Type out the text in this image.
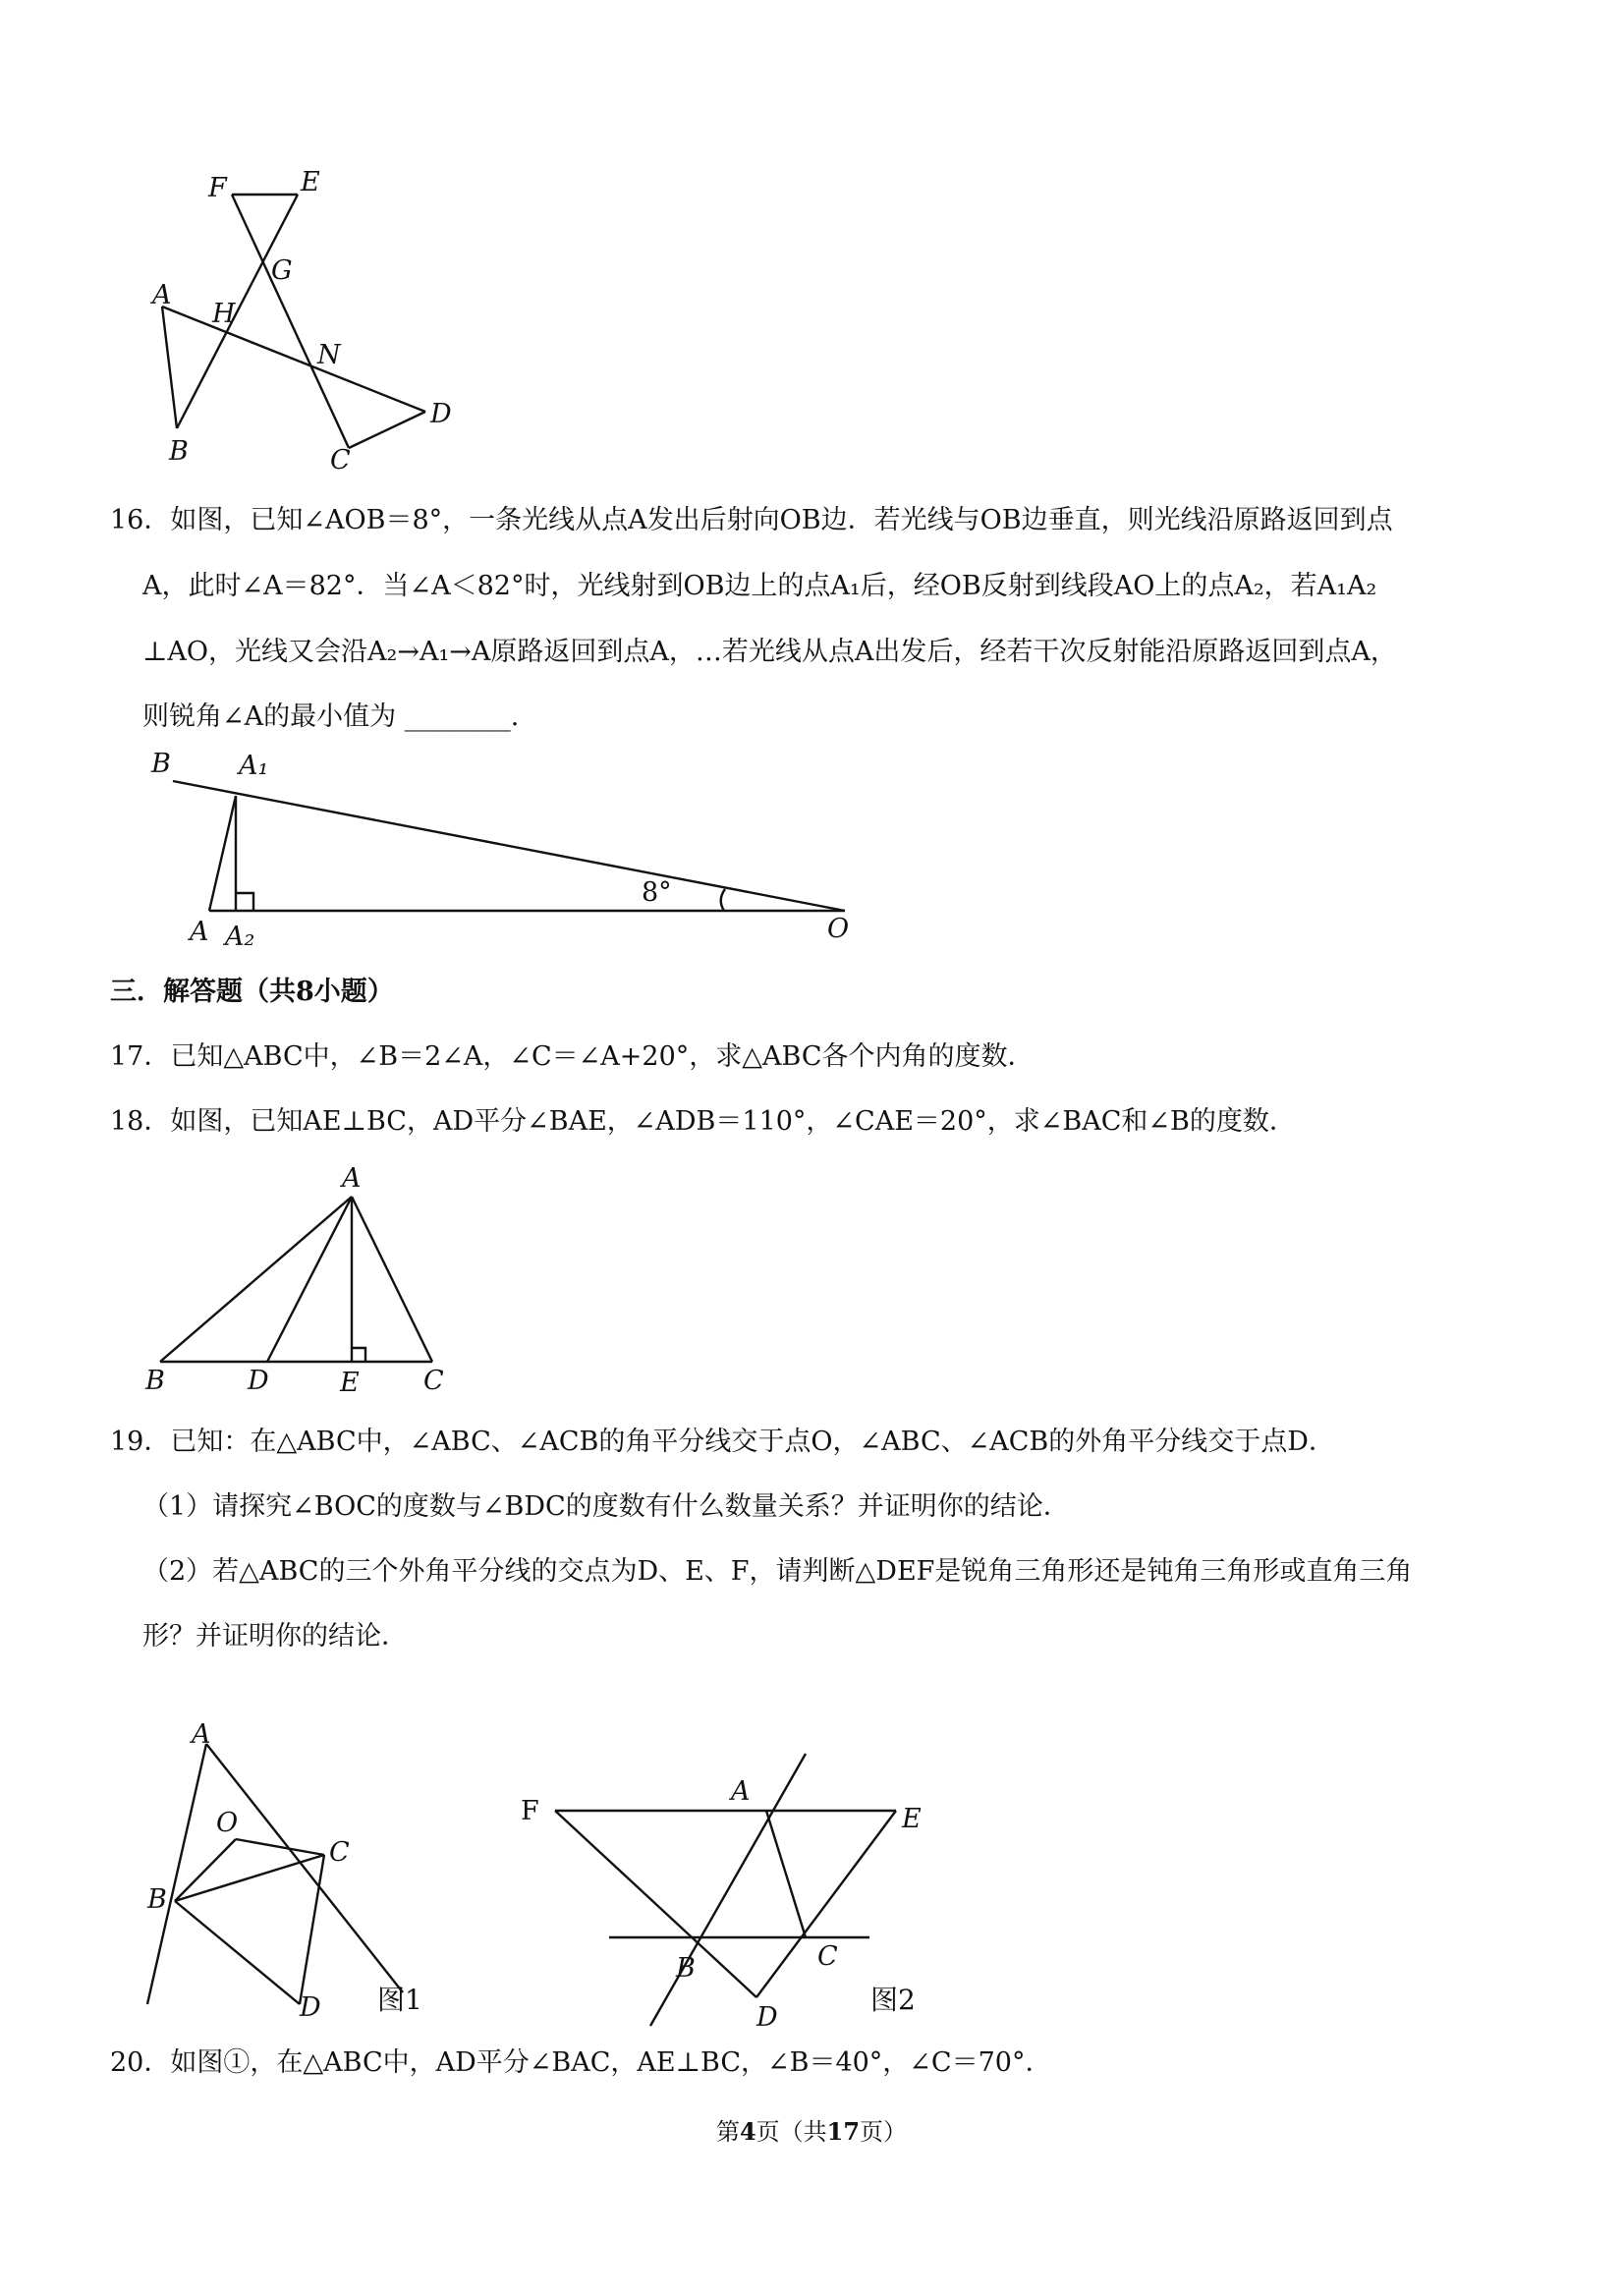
F	E
G
A
H
N
D
B	C
16．如图，已知∠AOB＝8°，一条光线从点A发出后射向OB边．若光线与OB边垂直，则光线沿原路返回到点
A，此时∠A＝82°．当∠A＜82°时，光线射到OB边上的点A₁后，经OB反射到线段AO上的点A₂，若A₁A₂
⊥AO，光线又会沿A₂→A₁→A原路返回到点A，…若光线从点A出发后，经若干次反射能沿原路返回到点A，
则锐角∠A的最小值为 ________.
B	A₁
8°
A A₂	O
三．解答题（共8小题）
17．已知△ABC中，∠B＝2∠A，∠C＝∠A+20°，求△ABC各个内角的度数．
18．如图，已知AE⊥BC，AD平分∠BAE，∠ADB＝110°，∠CAE＝20°，求∠BAC和∠B的度数．
A
B	D	E C
19．已知：在△ABC中，∠ABC、∠ACB的角平分线交于点O，∠ABC、∠ACB的外角平分线交于点D．
（1）请探究∠BOC的度数与∠BDC的度数有什么数量关系？并证明你的结论．
（2）若△ABC的三个外角平分线的交点为D、E、F，请判断△DEF是锐角三角形还是钝角三角形或直角三角
形？并证明你的结论．
A
O
C
B
D 图1
F
A
E
B	C
D
图2
20．如图①，在△ABC中，AD平分∠BAC，AE⊥BC，∠B＝40°，∠C＝70°．
第4页（共17页）
